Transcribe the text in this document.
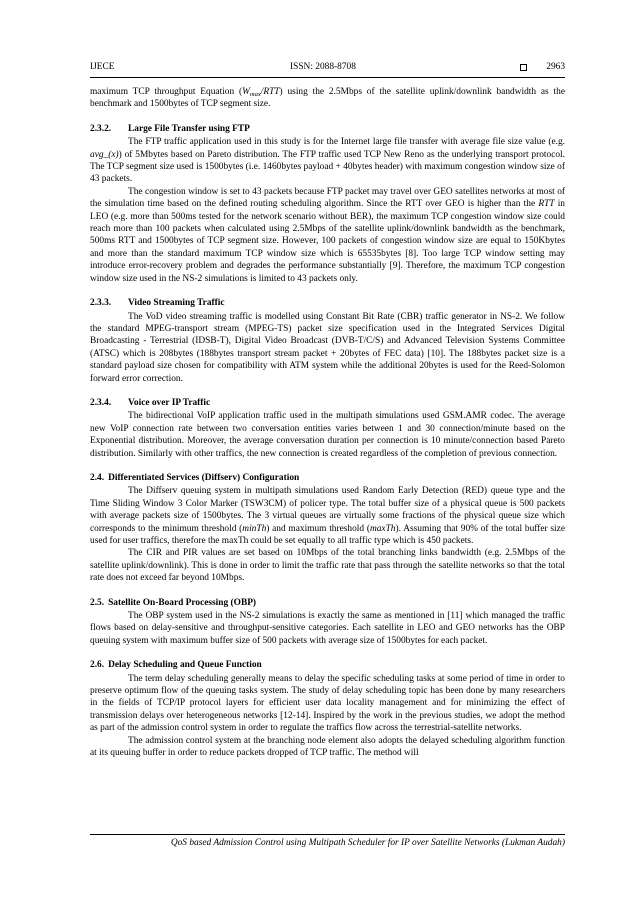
IJECE	ISSN: 2088-8708	2963

maximum TCP throughput Equation $(W_{max}/RTT)$ using the 2.5Mbps of the satellite uplink/downlink bandwidth as the benchmark and 1500bytes of TCP segment size.

2.3.2. Large File Transfer using FTP

The FTP traffic application used in this study is for the Internet large file transfer with average file size value (e.g. avg_(x)) of 5Mbytes based on Pareto distribution. The FTP traffic used TCP New Reno as the underlying transport protocol. The TCP segment size used is 1500bytes (i.e. 1460bytes payload + 40bytes header) with maximum congestion window size of 43 packets.

The congestion window is set to 43 packets because FTP packet may travel over GEO satellites networks at most of the simulation time based on the defined routing scheduling algorithm. Since the RTT over GEO is higher than the RTT in LEO (e.g. more than 500ms tested for the network scenario without BER), the maximum TCP congestion window size could reach more than 100 packets when calculated using 2.5Mbps of the satellite uplink/downlink bandwidth as the benchmark, 500ms RTT and 1500bytes of TCP segment size. However, 100 packets of congestion window size are equal to 150Kbytes and more than the standard maximum TCP window size which is 65535bytes [8]. Too large TCP window setting may introduce error-recovery problem and degrades the performance substantially [9]. Therefore, the maximum TCP congestion window size used in the NS-2 simulations is limited to 43 packets only.

2.3.3. Video Streaming Traffic

The VoD video streaming traffic is modelled using Constant Bit Rate (CBR) traffic generator in NS-2. We follow the standard MPEG-transport stream (MPEG-TS) packet size specification used in the Integrated Services Digital Broadcasting - Terrestrial (IDSB-T), Digital Video Broadcast (DVB-T/C/S) and Advanced Television Systems Committee (ATSC) which is 208bytes (188bytes transport stream packet + 20bytes of FEC data) [10]. The 188bytes packet size is a standard payload size chosen for compatibility with ATM system while the additional 20bytes is used for the Reed-Solomon forward error correction.

2.3.4. Voice over IP Traffic

The bidirectional VoIP application traffic used in the multipath simulations used GSM.AMR codec. The average new VoIP connection rate between two conversation entities varies between 1 and 30 connection/minute based on the Exponential distribution. Moreover, the average conversation duration per connection is 10 minute/connection based Pareto distribution. Similarly with other traffics, the new connection is created regardless of the completion of previous connection.

2.4. Differentiated Services (Diffserv) Configuration

The Diffserv queuing system in multipath simulations used Random Early Detection (RED) queue type and the Time Sliding Window 3 Color Marker (TSW3CM) of policer type. The total buffer size of a physical queue is 500 packets with average packets size of 1500bytes. The 3 virtual queues are virtually some fractions of the physical queue size which corresponds to the minimum threshold (minTh) and maximum threshold (maxTh). Assuming that 90% of the total buffer size used for user traffics, therefore the maxTh could be set equally to all traffic type which is 450 packets.

The CIR and PIR values are set based on 10Mbps of the total branching links bandwidth (e.g. 2.5Mbps of the satellite uplink/downlink). This is done in order to limit the traffic rate that pass through the satellite networks so that the total rate does not exceed far beyond 10Mbps.

2.5. Satellite On-Board Processing (OBP)

The OBP system used in the NS-2 simulations is exactly the same as mentioned in [11] which managed the traffic flows based on delay-sensitive and throughput-sensitive categories. Each satellite in LEO and GEO networks has the OBP queuing system with maximum buffer size of 500 packets with average size of 1500bytes for each packet.

2.6. Delay Scheduling and Queue Function

The term delay scheduling generally means to delay the specific scheduling tasks at some period of time in order to preserve optimum flow of the queuing tasks system. The study of delay scheduling topic has been done by many researchers in the fields of TCP/IP protocol layers for efficient user data locality management and for minimizing the effect of transmission delays over heterogeneous networks [12-14]. Inspired by the work in the previous studies, we adopt the method as part of the admission control system in order to regulate the traffics flow across the terrestrial-satellite networks.

The admission control system at the branching node element also adopts the delayed scheduling algorithm function at its queuing buffer in order to reduce packets dropped of TCP traffic. The method will

QoS based Admission Control using Multipath Scheduler for IP over Satellite Networks (Lukman Audah)
